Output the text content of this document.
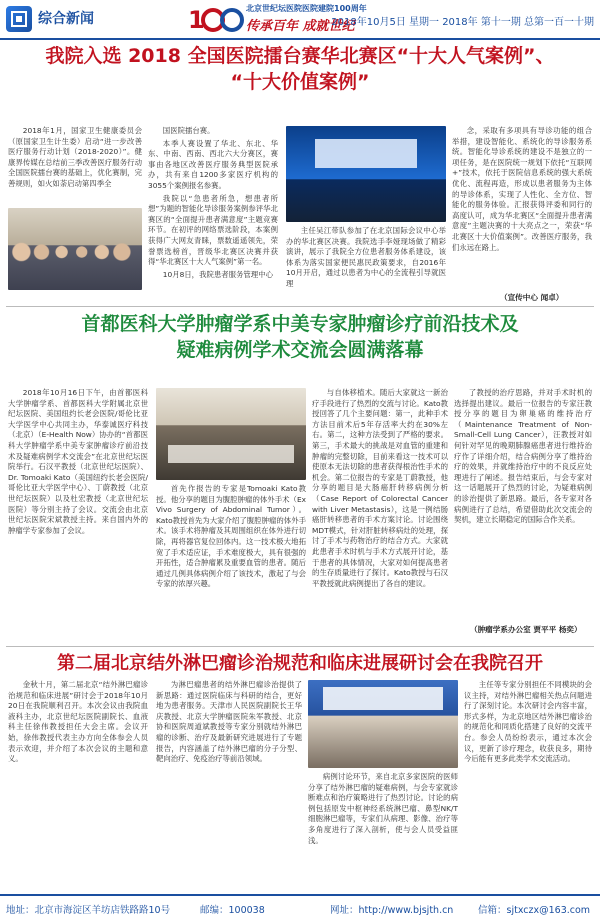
综合新闻	1	北京世纪坛医院医院建院100周年
传承百年 成就世纪
2018年10月5日 星期一 2018年 第十一期 总第一百一十期
我院入选 2018 全国医院擂台赛华北赛区“十大人气案例”、
“十大价值案例”

2018年1月，国家卫生健康委员会（原国家卫生计生委）启动“进一步改善医疗服务行动计划（2018-2020）”。健康界传媒在总结前三季改善医疗服务行动全国医院擂台赛的基础上，优化赛制，完善规则，如火如荼启动第四季全

国医院擂台赛。

本季人赛设置了华北、东北、华东、中南、西南、西北六大分赛区，赛事由各地区改善医疗服务典型医院承办，共有来自1200多家医疗机构的3055个案例报名参赛。

我院以“急患者所急，想患者所想”为题的智能化导诊服务案例参评华北赛区的“全面提升患者满意度”主题竞赛环节。在初评的网络票选阶段，本案例获得广大网友青睐，票数遥遥领先，荣誉票选榜首，晋级华北赛区决赛并获得“华北赛区十大人气案例”第一名。

10月8日，我院患者服务管理中心

主任吴江带队参加了在北京国际会议中心举办的华北赛区决赛。我院选手李娅现场做了精彩演讲，展示了我院全方位患者服务体系建设，该体系为落实国家便民惠民政策要求，自2016年10月开启，通过以患者为中心的全流程引导就医理

念，采取有多项具有导诊功能的组合举措，建设智能化、系统化的导诊服务系统。智能化导诊系统的建设不是独立的一项任务，是在医院统一规划下依托“互联网+”技术，依托于医院信息系统的强大系统优化、流程再造，形成以患者服务为主体的导诊体系，实现了人性化、全方位、智能化的服务体验。汇报获得评委和同行的高度认可，成为华北赛区“全面提升患者满意度”主题决赛的十大亮点之一，荣获“华北赛区十大价值案例”。改善医疗服务，我们永远在路上。

（宣传中心 闻卓）
首都医科大学肿瘤学系中美专家肿瘤诊疗前沿技术及
疑难病例学术交流会圆满落幕

2018年10月16日下午，由首都医科大学肿瘤学系、首都医科大学附属北京世纪坛医院、美国纽约长老会医院/哥伦比亚大学医学中心共同主办，华泰诚医疗科技（北京）（E-Health Now）协办的“首都医科大学肿瘤学系中美专家肿瘤诊疗前沿技术及疑难病例学术交流会”在北京世纪坛医院举行。石汉平教授（北京世纪坛医院）、Dr. Tomoaki Kato（美国纽约长老会医院/哥伦比亚大学医学中心）、丁蔚教授（北京世纪坛医院）以及杜宏教授（北京世纪坛医院）等分别主持了会议。交流会由北京世纪坛医院宋斌教授主持。来自国内外的肿瘤学专家参加了会议。

首先作报告的专家是Tomoaki Kato教授。他分享的题目为腹腔肿瘤的体外手术（Ex Vivo Surgery of Abdominal Tumor）。Kato教授首先为大家介绍了腹腔肿瘤的体外手术。该手术将肿瘤及其周围组织在体外进行切除，再将器官复位回体内。这一技术极大地拓宽了手术适应证，手术难度极大，具有很强的开拓性，适合肿瘤累及重要血管的患者。随后通过几例具体病例介绍了该技术，激起了与会专家的浓厚兴趣。

与自体移植术。随后大家就这一新治疗手段进行了热烈的交流与讨论。Kato教授回答了几个主要问题：第一，此种手术方法目前术后5年存活率大约在30%左右。第二，这种方法受到了严格的要求。第三，手术最大的挑战是对血管的重建和肿瘤的完整切除，目前来看这一技术可以使原本无法切除的患者获得根治性手术的机会。第二位报告的专家是丁蔚教授，他分享的题目是大肠癌肝转移病例分析（Case Report of Colorectal Cancer with Liver Metastasis），这是一例结肠癌肝转移患者的手术方案讨论。讨论围绕MDT模式，针对肝脏转移病灶的处理，探讨了手术与药物治疗的结合方式。大家就此患者手术时机与手术方式展开讨论，基于患者的具体情况，大家对如何提高患者的生存质量进行了探讨。Kato教授与石汉平教授就此病例提出了各自的建议。

了教授的治疗思路，并对手术时机的选择提出建议。最后一位报告的专家汪教授分享的题目为卵巢癌的维持治疗（Maintenance Treatment of Non-Small-Cell Lung Cancer），汪教授对如何针对罕见的晚期肺腺癌患者进行维持治疗作了详细介绍，结合病例分享了维持治疗的效果，并就维持治疗中的不良反应处理进行了阐述。报告结束后，与会专家对这一话题展开了热烈的讨论，为疑难病例的诊治提供了新思路。最后，各专家对各病例进行了总结，希望借助此次交流会的契机，建立长期稳定的国际合作关系。

（肿瘤学系办公室 贾平平 杨奕）
第二届北京结外淋巴瘤诊治规范和临床进展研讨会在我院召开

金秋十月，第二届北京“结外淋巴瘤诊治规范和临床进展”研讨会于2018年10月20日在我院顺利召开。本次会议由我院血液科主办，北京世纪坛医院副院长、血液科主任徐伟教授担任大会主席。会议开始，徐伟教授代表主办方向全体参会人员表示欢迎，并介绍了本次会议的主题和意义。

为淋巴瘤患者的结外淋巴瘤诊治提供了新思路：通过医院临床与科研的结合，更好地为患者服务。天津市人民医院副院长王华庆教授、北京大学肿瘤医院朱军教授、北京协和医院周道斌教授等专家分别就结外淋巴瘤的诊断、治疗及最新研究进展进行了专题报告，内容涵盖了结外淋巴瘤的分子分型、靶向治疗、免疫治疗等前沿领域。

病例讨论环节，来自北京多家医院的医师分享了结外淋巴瘤的疑难病例，与会专家就诊断难点和治疗策略进行了热烈讨论。讨论的病例包括原发中枢神经系统淋巴瘤、鼻型NK/T细胞淋巴瘤等，专家们从病理、影像、治疗等多角度进行了深入剖析，使与会人员受益匪浅。

主任等专家分别担任不同模块的会议主持，对结外淋巴瘤相关热点问题进行了深刻讨论。本次研讨会内容丰富，形式多样，为北京地区结外淋巴瘤诊治的规范化和同质化搭建了良好的交流平台。参会人员纷纷表示，通过本次会议，更新了诊疗理念，收获良多，期待今后能有更多此类学术交流活动。

地址：北京市海淀区羊坊店铁路路10号	邮编：100038	网址：http://www.bjsjth.cn	信箱：sjtxczx@163.com
